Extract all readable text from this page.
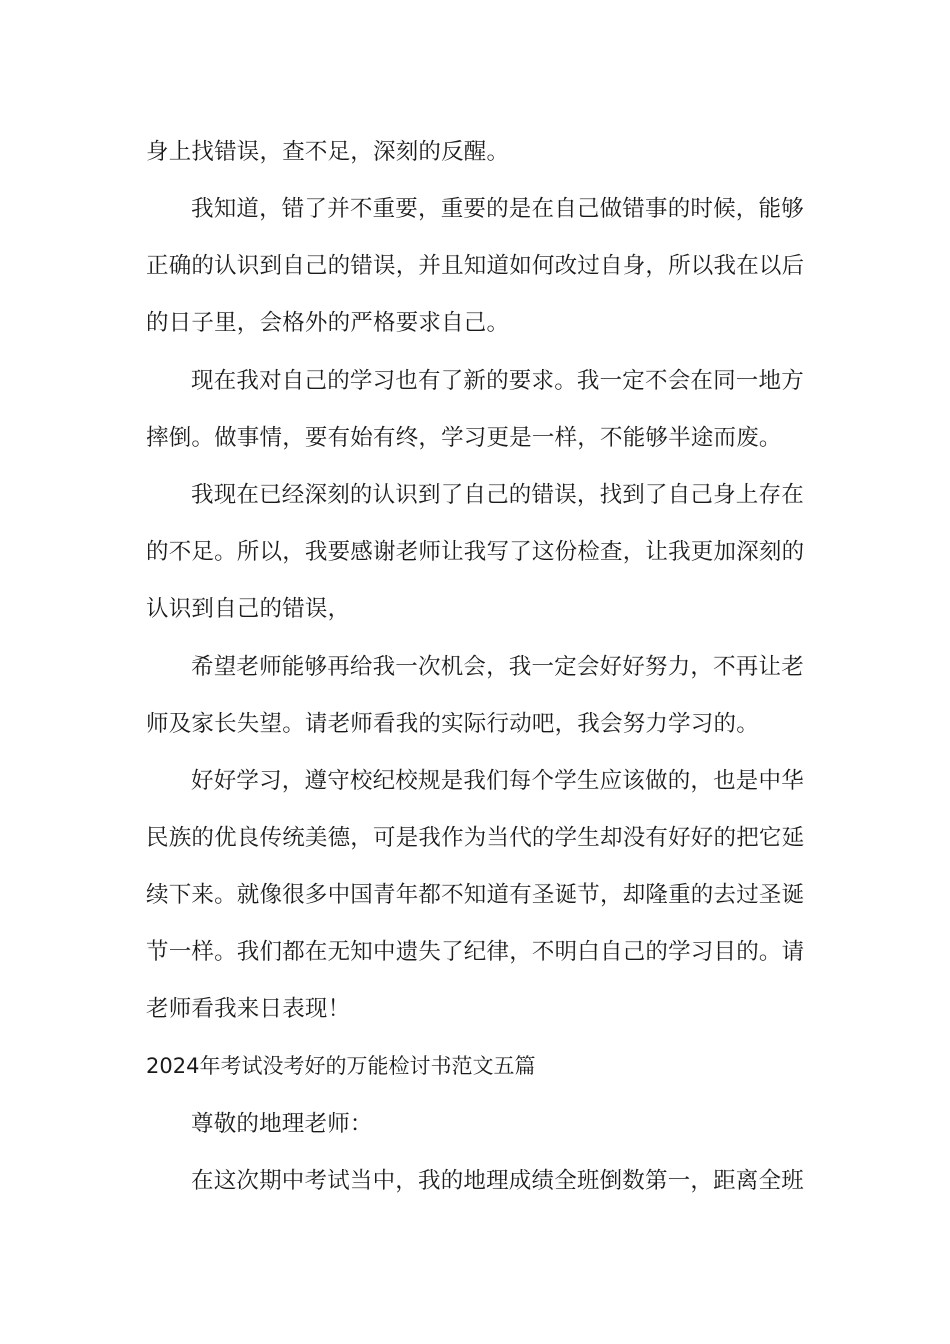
身上找错误，查不足，深刻的反醒。
我知道，错了并不重要，重要的是在自己做错事的时候，能够
正确的认识到自己的错误，并且知道如何改过自身，所以我在以后
的日子里，会格外的严格要求自己。
现在我对自己的学习也有了新的要求。我一定不会在同一地方
摔倒。做事情，要有始有终，学习更是一样，不能够半途而废。
我现在已经深刻的认识到了自己的错误，找到了自己身上存在
的不足。所以，我要感谢老师让我写了这份检查，让我更加深刻的
认识到自己的错误，
希望老师能够再给我一次机会，我一定会好好努力，不再让老
师及家长失望。请老师看我的实际行动吧，我会努力学习的。
好好学习，遵守校纪校规是我们每个学生应该做的，也是中华
民族的优良传统美德，可是我作为当代的学生却没有好好的把它延
续下来。就像很多中国青年都不知道有圣诞节，却隆重的去过圣诞
节一样。我们都在无知中遗失了纪律，不明白自己的学习目的。请
老师看我来日表现！
2024年考试没考好的万能检讨书范文五篇
尊敬的地理老师：
在这次期中考试当中，我的地理成绩全班倒数第一，距离全班
